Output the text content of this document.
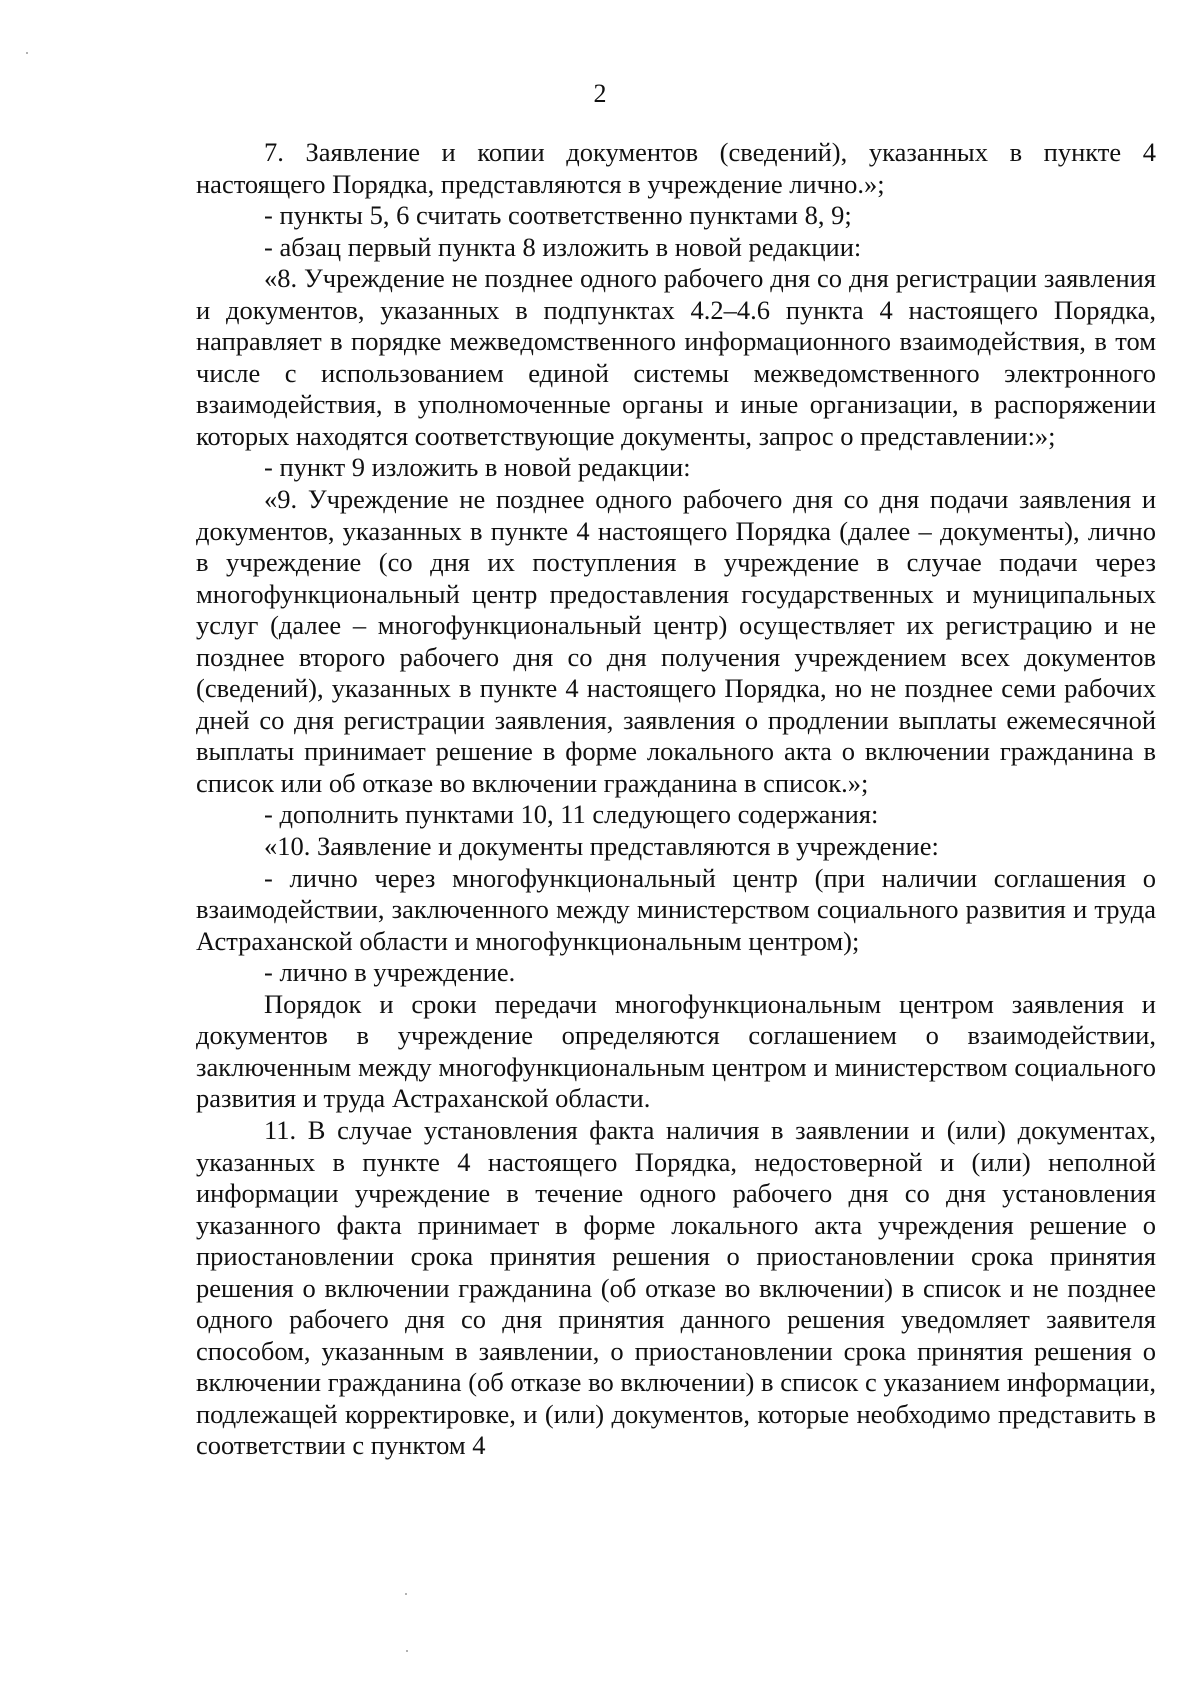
2

7. Заявление и копии документов (сведений), указанных в пункте 4 настоящего Порядка, представляются в учреждение лично.»;

- пункты 5, 6 считать соответственно пунктами 8, 9;

- абзац первый пункта 8 изложить в новой редакции:

«8. Учреждение не позднее одного рабочего дня со дня регистрации заявления и документов, указанных в подпунктах 4.2–4.6 пункта 4 настоящего Порядка, направляет в порядке межведомственного информационного взаимодействия, в том числе с использованием единой системы межведомственного электронного взаимодействия, в уполномоченные органы и иные организации, в распоряжении которых находятся соответствующие документы, запрос о представлении:»;

- пункт 9 изложить в новой редакции:

«9. Учреждение не позднее одного рабочего дня со дня подачи заявления и документов, указанных в пункте 4 настоящего Порядка (далее – документы), лично в учреждение (со дня их поступления в учреждение в случае подачи через многофункциональный центр предоставления государственных и муниципальных услуг (далее – многофункциональный центр) осуществляет их регистрацию и не позднее второго рабочего дня со дня получения учреждением всех документов (сведений), указанных в пункте 4 настоящего Порядка, но не позднее семи рабочих дней со дня регистрации заявления, заявления о продлении выплаты ежемесячной выплаты принимает решение в форме локального акта о включении гражданина в список или об отказе во включении гражданина в список.»;

- дополнить пунктами 10, 11 следующего содержания:

«10. Заявление и документы представляются в учреждение:

- лично через многофункциональный центр (при наличии соглашения о взаимодействии, заключенного между министерством социального развития и труда Астраханской области и многофункциональным центром);

- лично в учреждение.

Порядок и сроки передачи многофункциональным центром заявления и документов в учреждение определяются соглашением о взаимодействии, заключенным между многофункциональным центром и министерством социального развития и труда Астраханской области.

11. В случае установления факта наличия в заявлении и (или) документах, указанных в пункте 4 настоящего Порядка, недостоверной и (или) неполной информации учреждение в течение одного рабочего дня со дня установления указанного факта принимает в форме локального акта учреждения решение о приостановлении срока принятия решения о приостановлении срока принятия решения о включении гражданина (об отказе во включении) в список и не позднее одного рабочего дня со дня принятия данного решения уведомляет заявителя способом, указанным в заявлении, о приостановлении срока принятия решения о включении гражданина (об отказе во включении) в список с указанием информации, подлежащей корректировке, и (или) документов, которые необходимо представить в соответствии с пунктом 4
